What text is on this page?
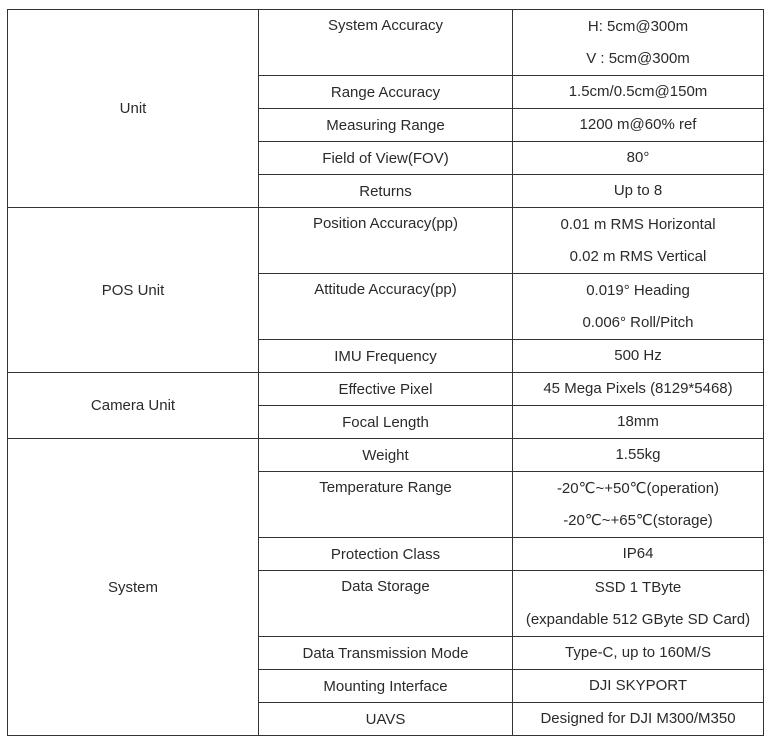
Unit	System Accuracy	H: 5cm@300m
V : 5cm@300m

	Range Accuracy	1.5cm/0.5cm@150m

	Measuring Range	1200 m@60% ref

	Field of View(FOV)	80°

	Returns	Up to 8

POS Unit	Position Accuracy(pp)	0.01 m RMS Horizontal
0.02 m RMS Vertical

	Attitude Accuracy(pp)	0.019° Heading
0.006° Roll/Pitch

	IMU Frequency	500 Hz

Camera Unit	Effective Pixel	45 Mega Pixels (8129*5468)

	Focal Length	18mm

System	Weight	1.55kg

	Temperature Range	-20℃~+50℃(operation)
-20℃~+65℃(storage)

	Protection Class	IP64

	Data Storage	SSD 1 TByte
(expandable 512 GByte SD Card)

	Data Transmission Mode	Type-C, up to 160M/S

	Mounting Interface	DJI SKYPORT

	UAVS	Designed for DJI M300/M350
